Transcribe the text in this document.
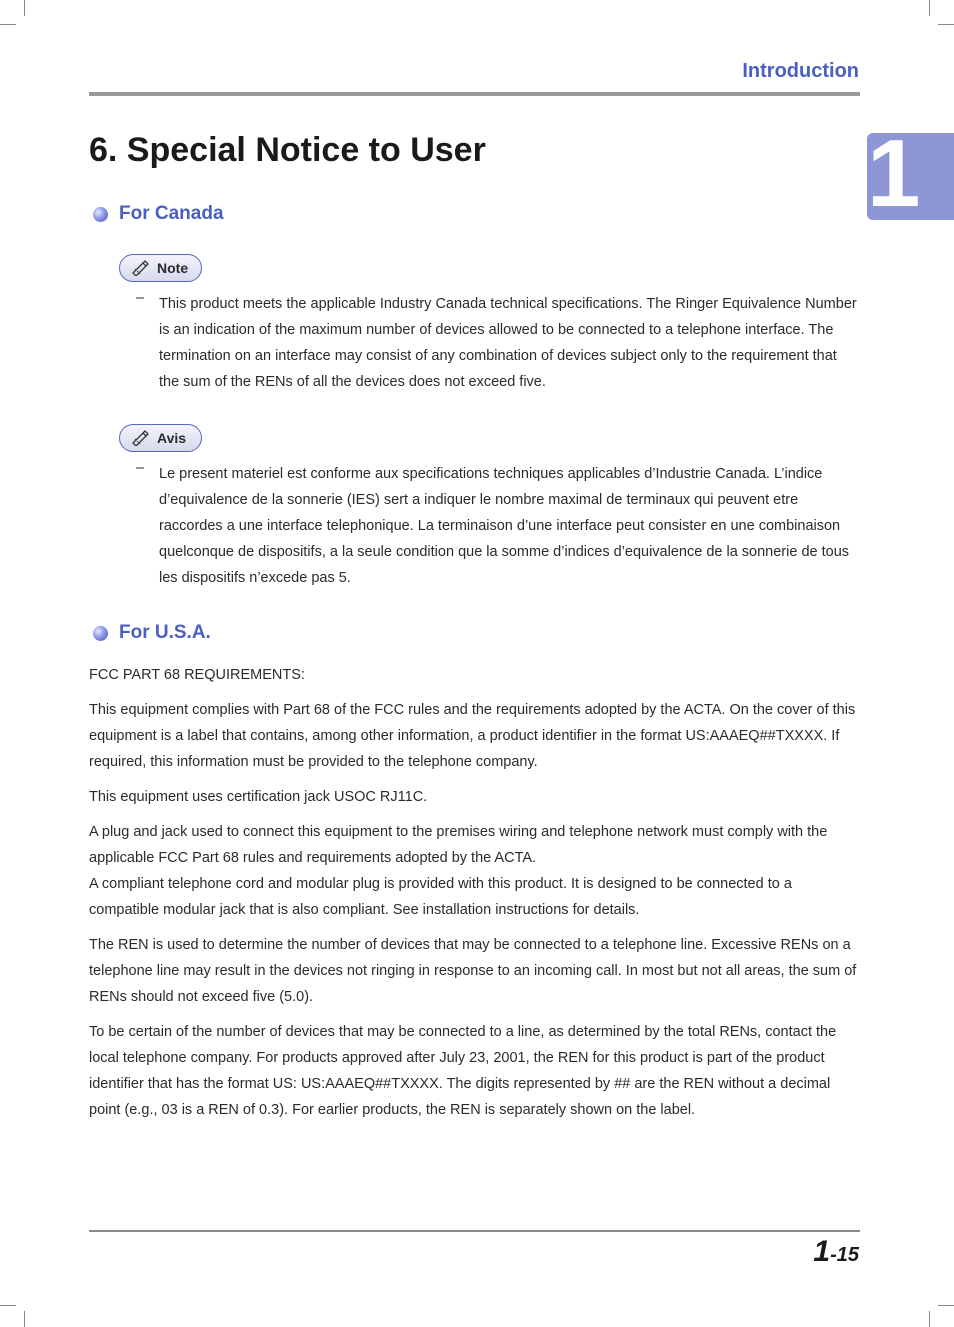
Introduction
1
6. Special Notice to User
For Canada
Note
– This product meets the applicable Industry Canada technical specifications. The Ringer Equivalence Number is an indication of the maximum number of devices allowed to be connected to a telephone interface. The termination on an interface may consist of any combination of devices subject only to the requirement that the sum of the RENs of all the devices does not exceed five.
Avis
– Le present materiel est conforme aux specifications techniques applicables d’Industrie Canada. L’indice d’equivalence de la sonnerie (IES) sert a indiquer le nombre maximal de terminaux qui peuvent etre raccordes a une interface telephonique. La terminaison d’une interface peut consister en une combinaison quelconque de dispositifs, a la seule condition que la somme d’indices d’equivalence de la sonnerie de tous les dispositifs n’excede pas 5.
For U.S.A.

FCC PART 68 REQUIREMENTS:

This equipment complies with Part 68 of the FCC rules and the requirements adopted by the ACTA. On the cover of this equipment is a label that contains, among other information, a product identifier in the format US:AAAEQ##TXXXX. If required, this information must be provided to the telephone company.

This equipment uses certification jack USOC RJ11C.

A plug and jack used to connect this equipment to the premises wiring and telephone network must comply with the applicable FCC Part 68 rules and requirements adopted by the ACTA.

A compliant telephone cord and modular plug is provided with this product. It is designed to be connected to a compatible modular jack that is also compliant. See installation instructions for details.

The REN is used to determine the number of devices that may be connected to a telephone line. Excessive RENs on a telephone line may result in the devices not ringing in response to an incoming call. In most but not all areas, the sum of RENs should not exceed five (5.0).

To be certain of the number of devices that may be connected to a line, as determined by the total RENs, contact the local telephone company. For products approved after July 23, 2001, the REN for this product is part of the product identifier that has the format US: US:AAAEQ##TXXXX. The digits represented by ## are the REN without a decimal point (e.g., 03 is a REN of 0.3). For earlier products, the REN is separately shown on the label.

1-15
